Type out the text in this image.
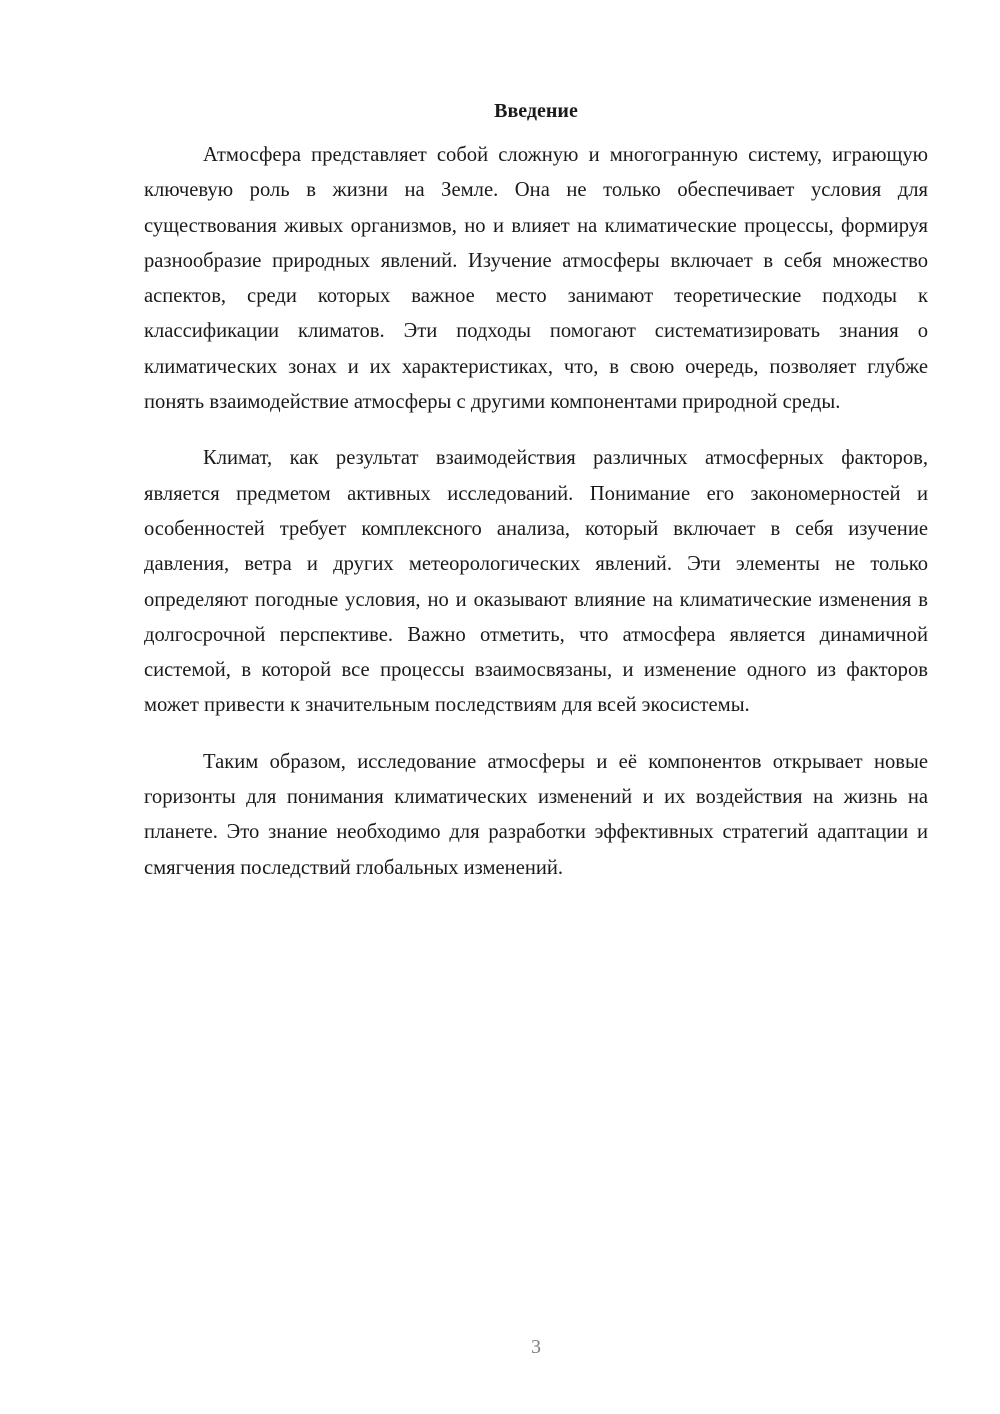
Введение

Атмосфера представляет собой сложную и многогранную систему, играющую ключевую роль в жизни на Земле. Она не только обеспечивает условия для существования живых организмов, но и влияет на климатические процессы, формируя разнообразие природных явлений. Изучение атмосферы включает в себя множество аспектов, среди которых важное место занимают теоретические подходы к классификации климатов. Эти подходы помогают систематизировать знания о климатических зонах и их характеристиках, что, в свою очередь, позволяет глубже понять взаимодействие атмосферы с другими компонентами природной среды.

Климат, как результат взаимодействия различных атмосферных факторов, является предметом активных исследований. Понимание его закономерностей и особенностей требует комплексного анализа, который включает в себя изучение давления, ветра и других метеорологических явлений. Эти элементы не только определяют погодные условия, но и оказывают влияние на климатические изменения в долгосрочной перспективе. Важно отметить, что атмосфера является динамичной системой, в которой все процессы взаимосвязаны, и изменение одного из факторов может привести к значительным последствиям для всей экосистемы.

Таким образом, исследование атмосферы и её компонентов открывает новые горизонты для понимания климатических изменений и их воздействия на жизнь на планете. Это знание необходимо для разработки эффективных стратегий адаптации и смягчения последствий глобальных изменений.

3
